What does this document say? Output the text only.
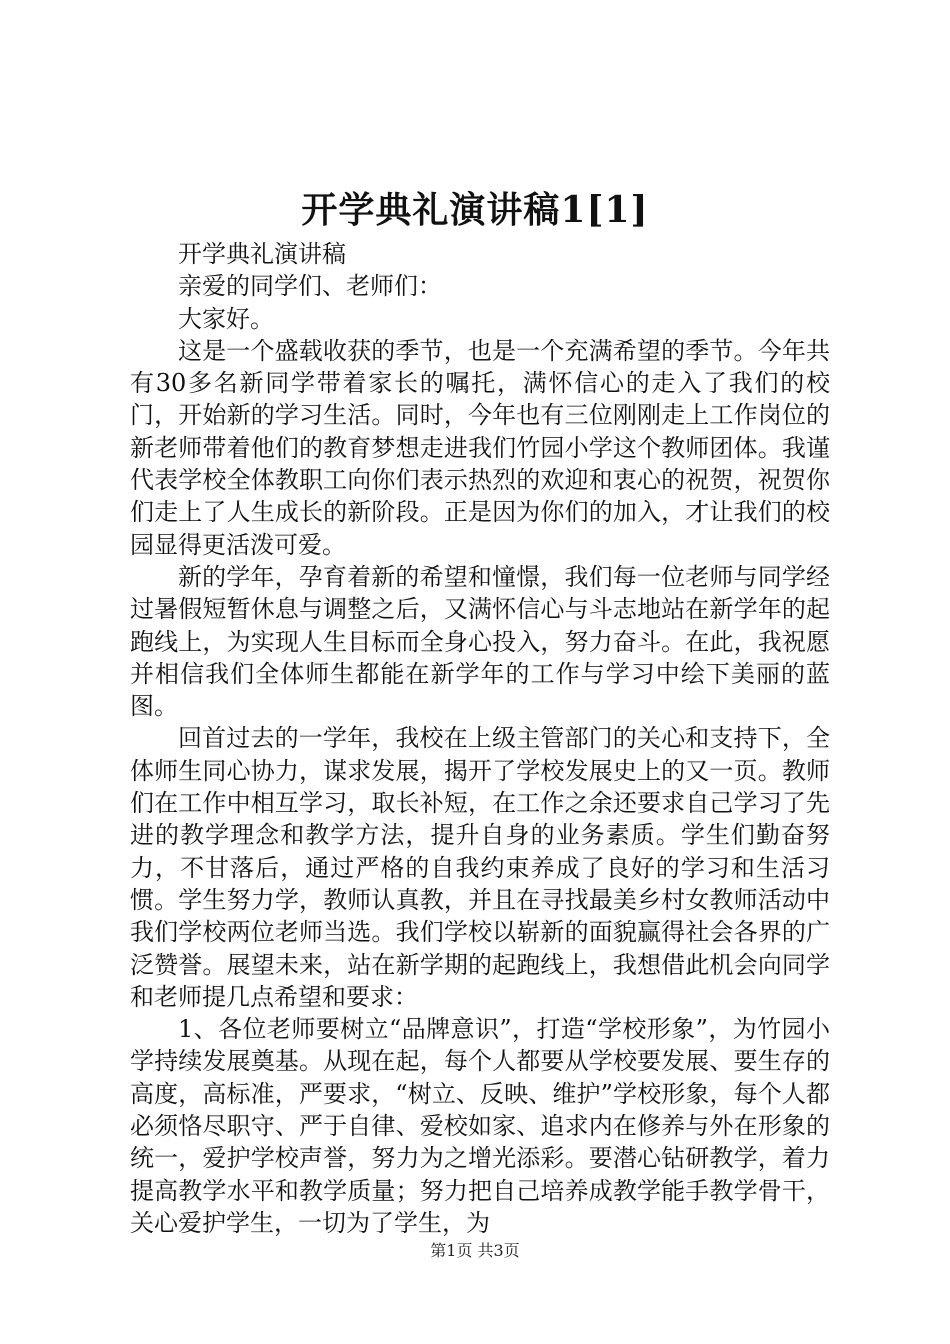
开学典礼演讲稿1[1]

开学典礼演讲稿

亲爱的同学们、老师们：

大家好。

这是一个盛载收获的季节，也是一个充满希望的季节。今年共有30多名新同学带着家长的嘱托，满怀信心的走入了我们的校门，开始新的学习生活。同时，今年也有三位刚刚走上工作岗位的新老师带着他们的教育梦想走进我们竹园小学这个教师团体。我谨代表学校全体教职工向你们表示热烈的欢迎和衷心的祝贺，祝贺你们走上了人生成长的新阶段。正是因为你们的加入，才让我们的校园显得更活泼可爱。

新的学年，孕育着新的希望和憧憬，我们每一位老师与同学经过暑假短暂休息与调整之后，又满怀信心与斗志地站在新学年的起跑线上，为实现人生目标而全身心投入，努力奋斗。在此，我祝愿并相信我们全体师生都能在新学年的工作与学习中绘下美丽的蓝图。

回首过去的一学年，我校在上级主管部门的关心和支持下，全体师生同心协力，谋求发展，揭开了学校发展史上的又一页。教师们在工作中相互学习，取长补短，在工作之余还要求自己学习了先进的教学理念和教学方法，提升自身的业务素质。学生们勤奋努力，不甘落后，通过严格的自我约束养成了良好的学习和生活习惯。学生努力学，教师认真教，并且在寻找最美乡村女教师活动中我们学校两位老师当选。我们学校以崭新的面貌赢得社会各界的广泛赞誉。展望未来，站在新学期的起跑线上，我想借此机会向同学和老师提几点希望和要求：

1、各位老师要树立“品牌意识”，打造“学校形象”，为竹园小学持续发展奠基。从现在起，每个人都要从学校要发展、要生存的高度，高标准，严要求，“树立、反映、维护”学校形象，每个人都必须恪尽职守、严于自律、爱校如家、追求内在修养与外在形象的统一，爱护学校声誉，努力为之增光添彩。要潜心钻研教学，着力提高教学水平和教学质量；努力把自己培养成教学能手教学骨干，关心爱护学生，一切为了学生，为

第1页 共3页
